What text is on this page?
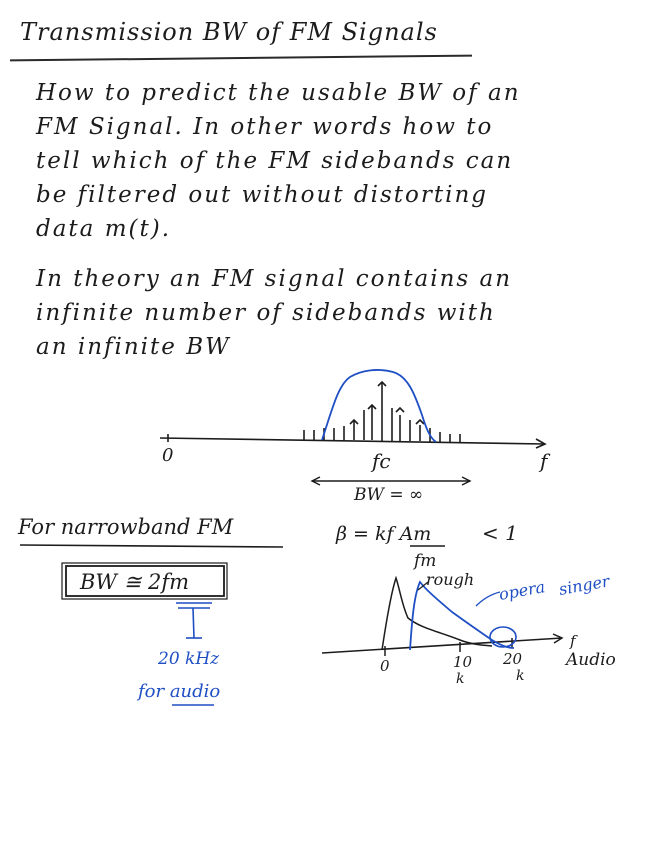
Transmission BW of FM Signals
How to predict the usable BW of an
FM Signal. In other words how to
tell which of the FM sidebands can
be filtered out without distorting
data m(t).
In theory an FM signal contains an
infinite number of sidebands with
an infinite BW
0	fc	f
BW = ∞
For narrowband FM
BW ≅ 2fm
20 kHz
for audio
β = kf Am
fm
< 1
rough opera singer
0	10
k
20
k
f
Audio
